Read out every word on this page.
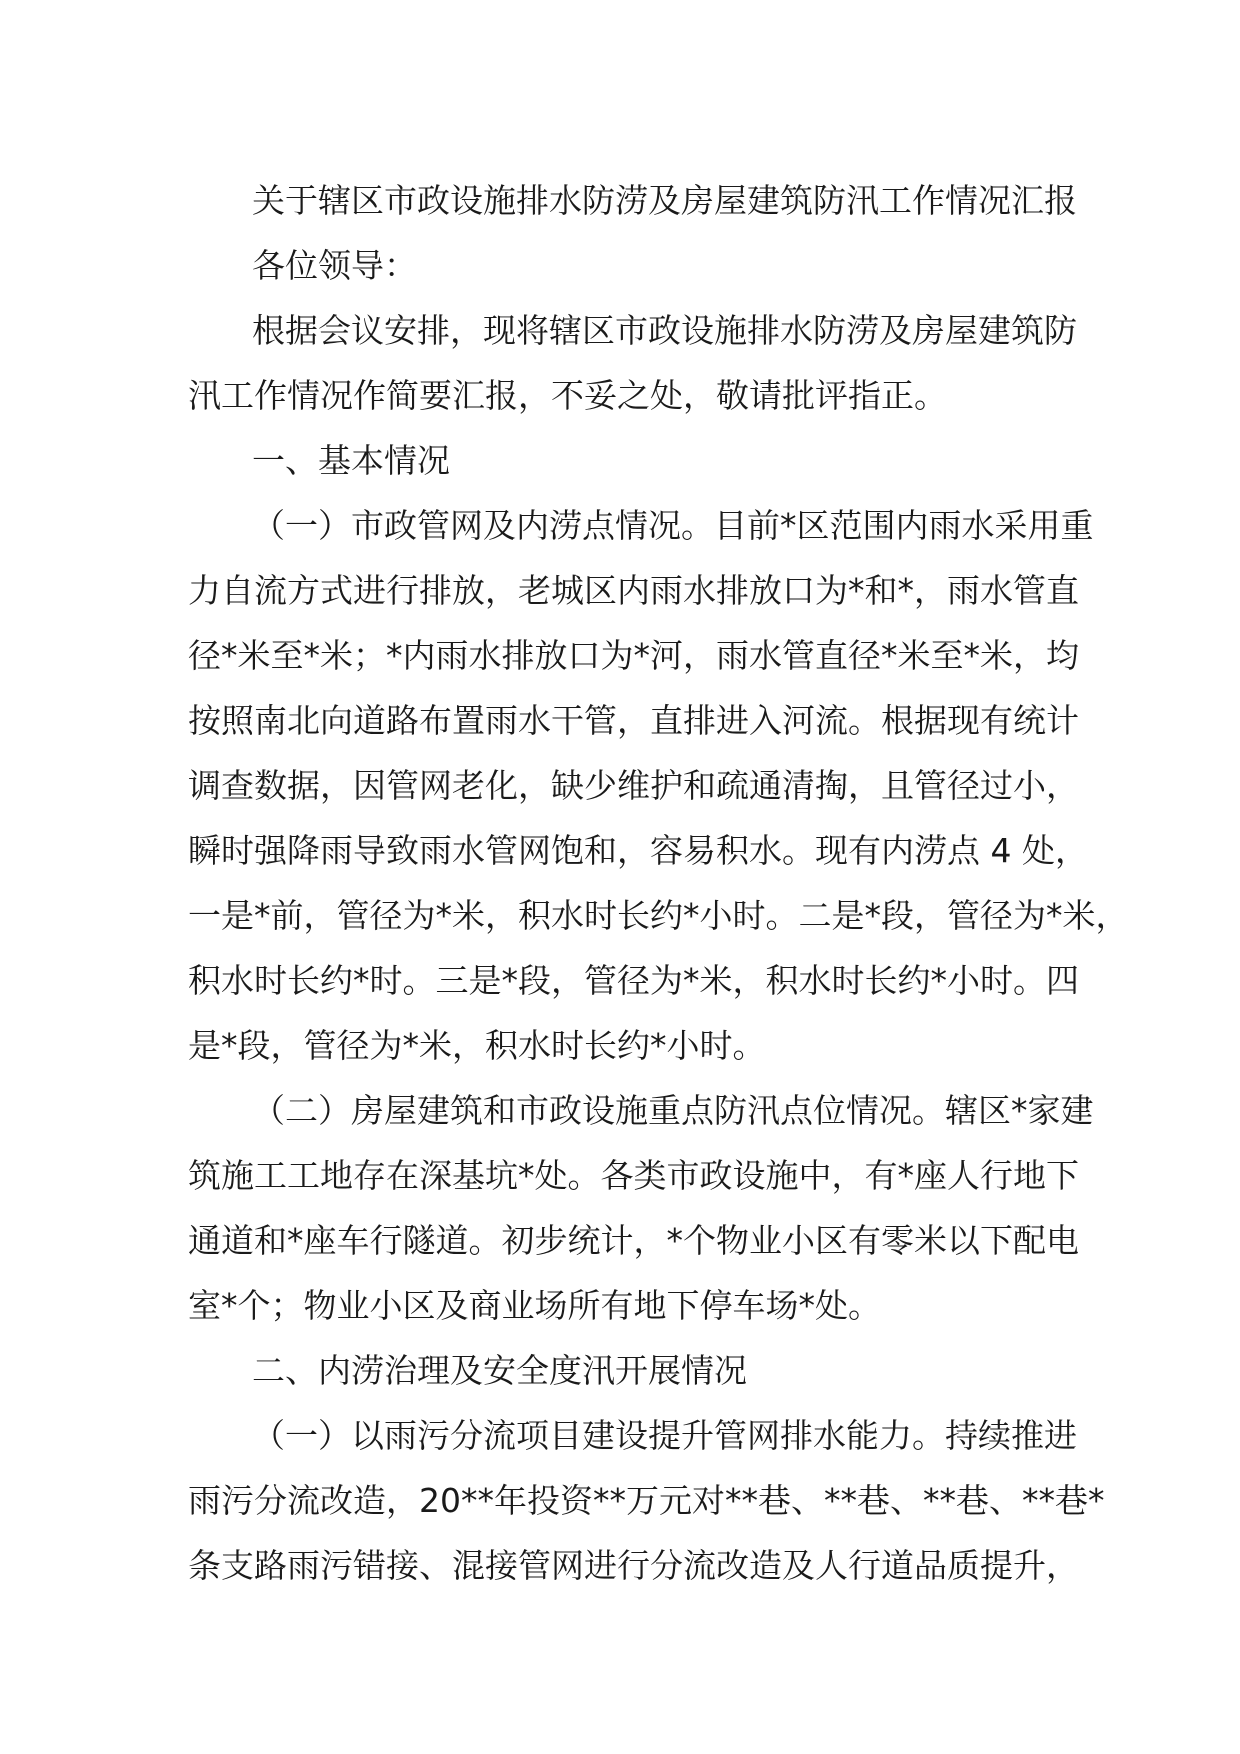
关于辖区市政设施排水防涝及房屋建筑防汛工作情况汇报

各位领导：

根据会议安排，现将辖区市政设施排水防涝及房屋建筑防

汛工作情况作简要汇报，不妥之处，敬请批评指正。

一、基本情况

（一）市政管网及内涝点情况。目前*区范围内雨水采用重

力自流方式进行排放，老城区内雨水排放口为*和*，雨水管直

径*米至*米；*内雨水排放口为*河，雨水管直径*米至*米，均

按照南北向道路布置雨水干管，直排进入河流。根据现有统计

调查数据，因管网老化，缺少维护和疏通清掏，且管径过小，

瞬时强降雨导致雨水管网饱和，容易积水。现有内涝点 4 处，

一是*前，管径为*米，积水时长约*小时。二是*段，管径为*米，

积水时长约*时。三是*段，管径为*米，积水时长约*小时。四

是*段，管径为*米，积水时长约*小时。

（二）房屋建筑和市政设施重点防汛点位情况。辖区*家建

筑施工工地存在深基坑*处。各类市政设施中，有*座人行地下

通道和*座车行隧道。初步统计，*个物业小区有零米以下配电

室*个；物业小区及商业场所有地下停车场*处。

二、内涝治理及安全度汛开展情况

（一）以雨污分流项目建设提升管网排水能力。持续推进

雨污分流改造，20**年投资**万元对**巷、**巷、**巷、**巷*

条支路雨污错接、混接管网进行分流改造及人行道品质提升，
